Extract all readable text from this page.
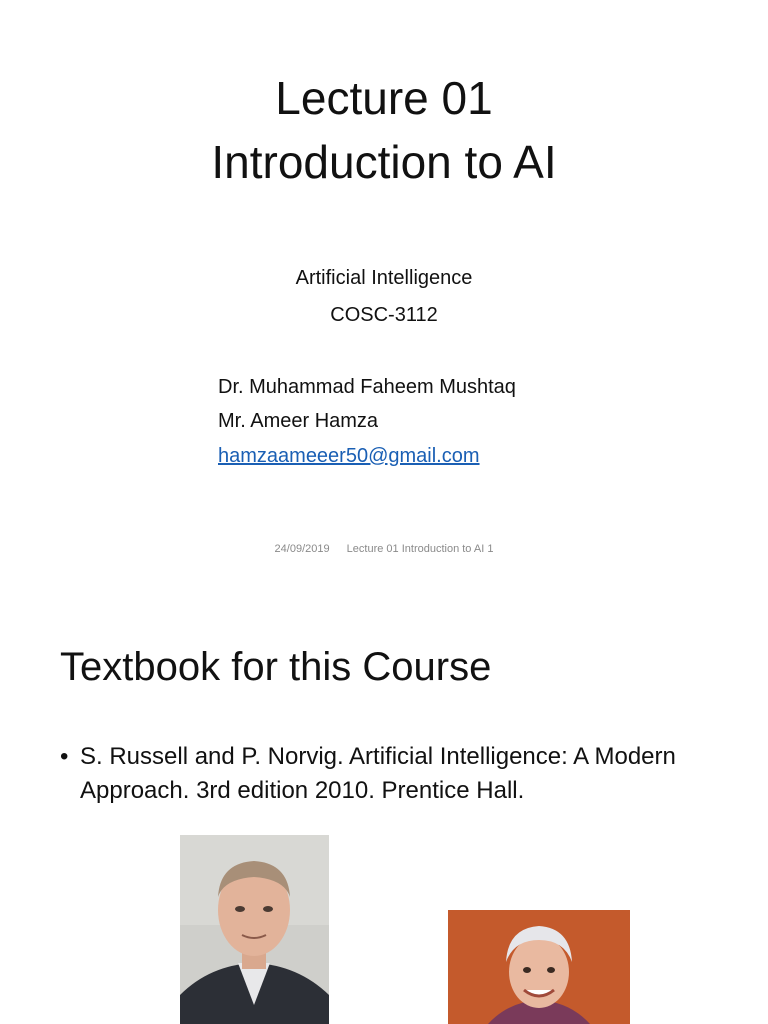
Lecture 01
Introduction to AI
Artificial Intelligence
COSC-3112
Dr. Muhammad Faheem Mushtaq
Mr. Ameer Hamza
hamzaameeer50@gmail.com
24/09/2019 Lecture 01 Introduction to AI 1
Textbook for this Course
• S. Russell and P. Norvig. Artificial Intelligence: A Modern Approach. 3rd edition 2010. Prentice Hall.
